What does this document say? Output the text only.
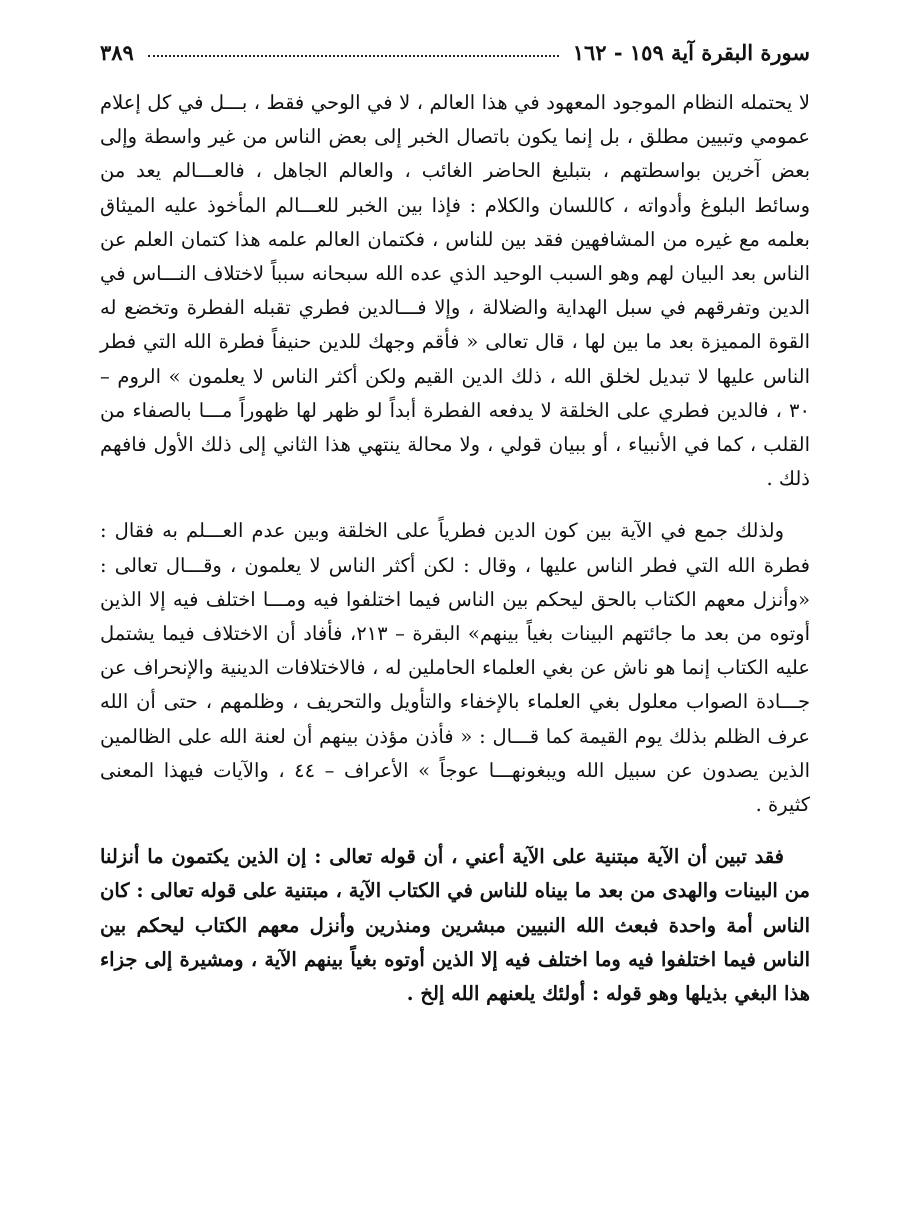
٣٨٩	سورة البقرة آية ١٥٩ - ١٦٢

لا يحتمله النظام الموجود المعهود في هذا العالم ، لا في الوحي فقط ، بـــل في كل إعلام عمومي وتبيين مطلق ، بل إنما يكون باتصال الخبر إلى بعض الناس من غير واسطة وإلى بعض آخرين بواسطتهم ، بتبليغ الحاضر الغائب ، والعالم الجاهل ، فالعـــالم يعد من وسائط البلوغ وأدواته ، كاللسان والكلام : فإذا بين الخبر للعـــالم المأخوذ عليه الميثاق بعلمه مع غيره من المشافهين فقد بين للناس ، فكتمان العالم علمه هذا كتمان العلم عن الناس بعد البيان لهم وهو السبب الوحيد الذي عده الله سبحانه سبباً لاختلاف النـــاس في الدين وتفرقهم في سبل الهداية والضلالة ، وإلا فـــالدين فطري تقبله الفطرة وتخضع له القوة المميزة بعد ما بين لها ، قال تعالى « فأقم وجهك للدين حنيفاً فطرة الله التي فطر الناس عليها لا تبديل لخلق الله ، ذلك الدين القيم ولكن أكثر الناس لا يعلمون » الروم – ٣٠ ، فالدين فطري على الخلقة لا يدفعه الفطرة أبداً لو ظهر لها ظهوراً مـــا بالصفاء من القلب ، كما في الأنبياء ، أو ببيان قولي ، ولا محالة ينتهي هذا الثاني إلى ذلك الأول فافهم ذلك .

ولذلك جمع في الآية بين كون الدين فطرياً على الخلقة وبين عدم العـــلم به فقال : فطرة الله التي فطر الناس عليها ، وقال : لكن أكثر الناس لا يعلمون ، وقـــال تعالى : «وأنزل معهم الكتاب بالحق ليحكم بين الناس فيما اختلفوا فيه ومـــا اختلف فيه إلا الذين أوتوه من بعد ما جائتهم البينات بغياً بينهم» البقرة – ٢١٣، فأفاد أن الاختلاف فيما يشتمل عليه الكتاب إنما هو ناش عن بغي العلماء الحاملين له ، فالاختلافات الدينية والإنحراف عن جـــادة الصواب معلول بغي العلماء بالإخفاء والتأويل والتحريف ، وظلمهم ، حتى أن الله عرف الظلم بذلك يوم القيمة كما قـــال : « فأذن مؤذن بينهم أن لعنة الله على الظالمين الذين يصدون عن سبيل الله ويبغونهـــا عوجاً » الأعراف – ٤٤ ، والآيات فيهذا المعنى كثيرة .

فقد تبين أن الآية مبتنية على الآية أعني ، أن قوله تعالى : إن الذين يكتمون ما أنزلنا من البينات والهدى من بعد ما بيناه للناس في الكتاب الآية ، مبتنية على قوله تعالى : كان الناس أمة واحدة فبعث الله النبيين مبشرين ومنذرين وأنزل معهم الكتاب ليحكم بين الناس فيما اختلفوا فيه وما اختلف فيه إلا الذين أوتوه بغياً بينهم الآية ، ومشيرة إلى جزاء هذا البغي بذيلها وهو قوله : أولئك يلعنهم الله إلخ .
